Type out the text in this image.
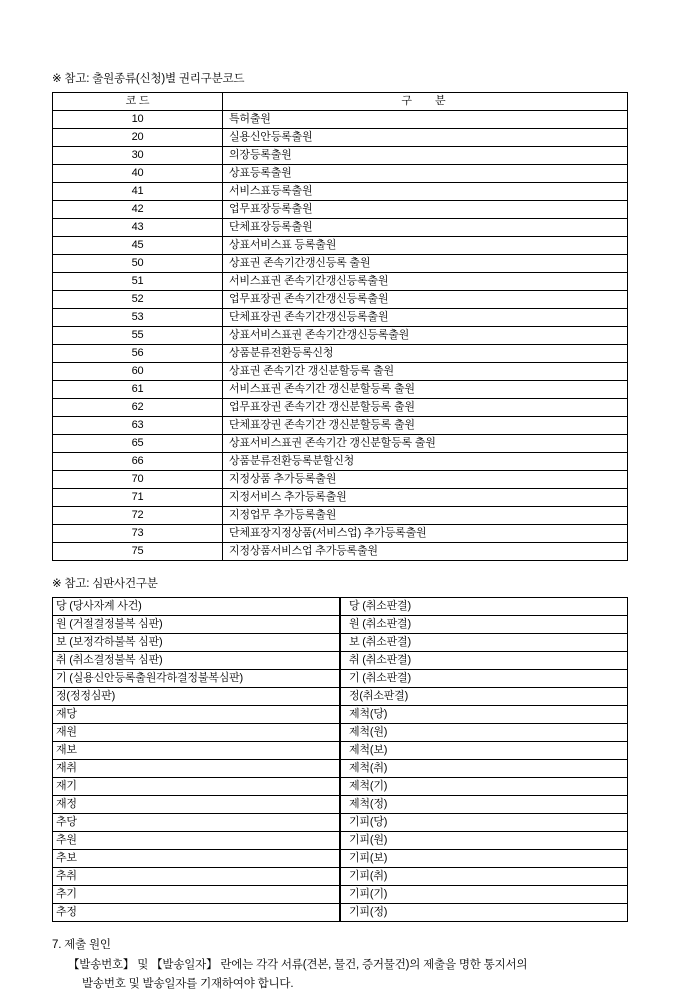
※ 참고: 출원종류(신청)별 권리구분코드
코 드	구 분
10	특허출원
20	실용신안등록출원
30	의장등록출원
40	상표등록출원
41	서비스표등록출원
42	업무표장등록출원
43	단체표장등록출원
45	상표서비스표 등록출원
50	상표권 존속기간갱신등록 출원
51	서비스표권 존속기간갱신등록출원
52	업무표장권 존속기간갱신등록출원
53	단체표장권 존속기간갱신등록출원
55	상표서비스표권 존속기간갱신등록출원
56	상품분류전환등록신청
60	상표권 존속기간 갱신분할등록 출원
61	서비스표권 존속기간 갱신분할등록 출원
62	업무표장권 존속기간 갱신분할등록 출원
63	단체표장권 존속기간 갱신분할등록 출원
65	상표서비스표권 존속기간 갱신분할등록 출원
66	상품분류전환등록분할신청
70	지정상품 추가등록출원
71	지정서비스 추가등록출원
72	지정업무 추가등록출원
73	단체표장지정상품(서비스업) 추가등록출원
75	지정상품서비스업 추가등록출원
※ 참고: 심판사건구분
당 (당사자계 사건)	당 (취소판결)
원 (거절결정불복 심판)	원 (취소판결)
보 (보정각하불복 심판)	보 (취소판결)
취 (취소결정불복 심판)	취 (취소판결)
기 (실용신안등록출원각하결정불복심판)	기 (취소판결)
정(정정심판)	정(취소판결)
재당	제척(당)
재원	제척(원)
재보	제척(보)
재취	제척(취)
재기	제척(기)
재정	제척(정)
추당	기피(당)
추원	기피(원)
추보	기피(보)
추취	기피(취)
추기	기피(기)
추정	기피(정)
7. 제출 원인
【발송번호】 및 【발송일자】 란에는 각각 서류(견본, 물건, 증거물건)의 제출을 명한 통지서의
발송번호 및 발송일자를 기재하여야 합니다.
